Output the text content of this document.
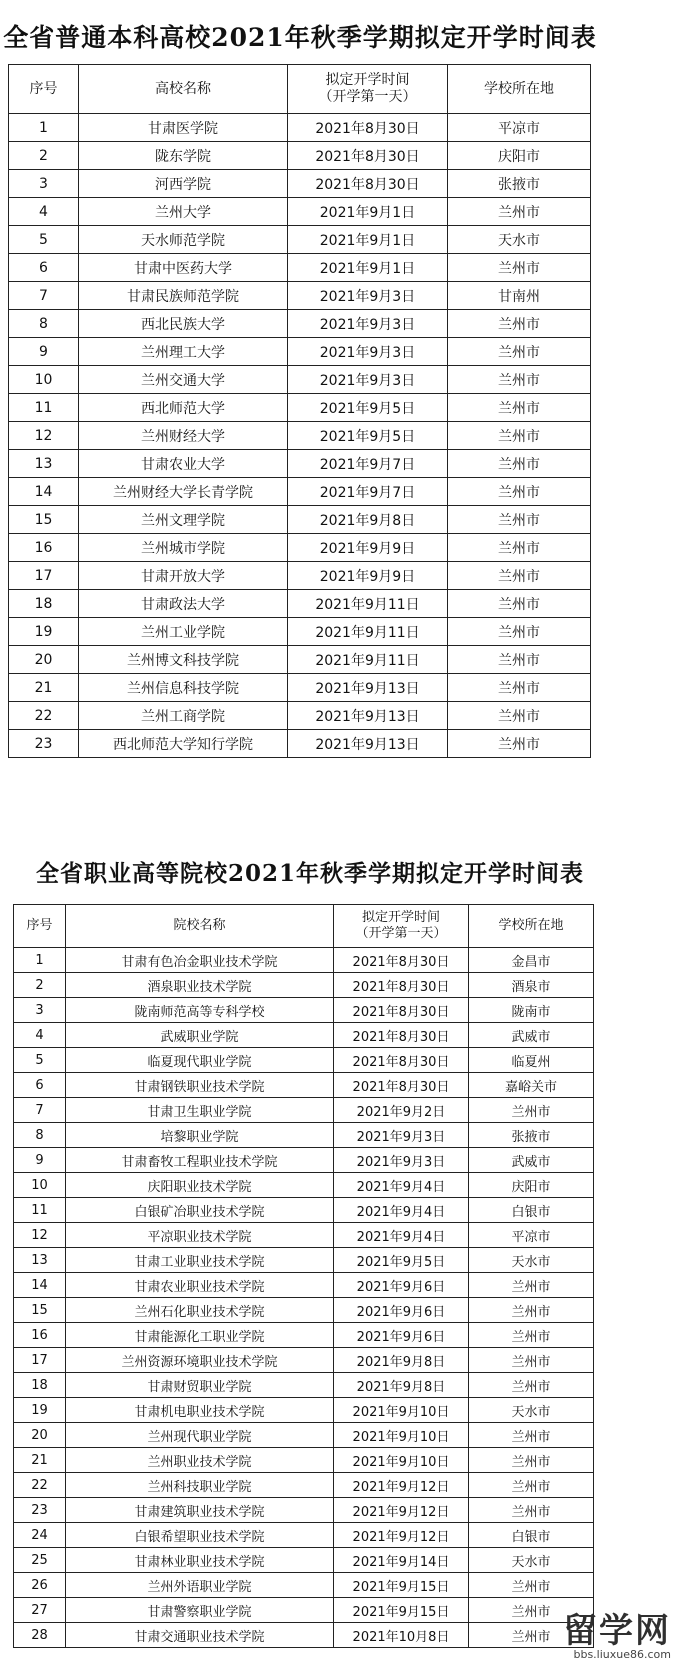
全省普通本科高校2021年秋季学期拟定开学时间表
序号	高校名称	拟定开学时间
（开学第一天）	学校所在地
1	甘肃医学院	2021年8月30日	平凉市
2	陇东学院	2021年8月30日	庆阳市
3	河西学院	2021年8月30日	张掖市
4	兰州大学	2021年9月1日	兰州市
5	天水师范学院	2021年9月1日	天水市
6	甘肃中医药大学	2021年9月1日	兰州市
7	甘肃民族师范学院	2021年9月3日	甘南州
8	西北民族大学	2021年9月3日	兰州市
9	兰州理工大学	2021年9月3日	兰州市
10	兰州交通大学	2021年9月3日	兰州市
11	西北师范大学	2021年9月5日	兰州市
12	兰州财经大学	2021年9月5日	兰州市
13	甘肃农业大学	2021年9月7日	兰州市
14	兰州财经大学长青学院	2021年9月7日	兰州市
15	兰州文理学院	2021年9月8日	兰州市
16	兰州城市学院	2021年9月9日	兰州市
17	甘肃开放大学	2021年9月9日	兰州市
18	甘肃政法大学	2021年9月11日	兰州市
19	兰州工业学院	2021年9月11日	兰州市
20	兰州博文科技学院	2021年9月11日	兰州市
21	兰州信息科技学院	2021年9月13日	兰州市
22	兰州工商学院	2021年9月13日	兰州市
23	西北师范大学知行学院	2021年9月13日	兰州市
全省职业高等院校2021年秋季学期拟定开学时间表
序号	院校名称	拟定开学时间
（开学第一天）	学校所在地
1	甘肃有色冶金职业技术学院	2021年8月30日	金昌市
2	酒泉职业技术学院	2021年8月30日	酒泉市
3	陇南师范高等专科学校	2021年8月30日	陇南市
4	武威职业学院	2021年8月30日	武威市
5	临夏现代职业学院	2021年8月30日	临夏州
6	甘肃钢铁职业技术学院	2021年8月30日	嘉峪关市
7	甘肃卫生职业学院	2021年9月2日	兰州市
8	培黎职业学院	2021年9月3日	张掖市
9	甘肃畜牧工程职业技术学院	2021年9月3日	武威市
10	庆阳职业技术学院	2021年9月4日	庆阳市
11	白银矿冶职业技术学院	2021年9月4日	白银市
12	平凉职业技术学院	2021年9月4日	平凉市
13	甘肃工业职业技术学院	2021年9月5日	天水市
14	甘肃农业职业技术学院	2021年9月6日	兰州市
15	兰州石化职业技术学院	2021年9月6日	兰州市
16	甘肃能源化工职业学院	2021年9月6日	兰州市
17	兰州资源环境职业技术学院	2021年9月8日	兰州市
18	甘肃财贸职业学院	2021年9月8日	兰州市
19	甘肃机电职业技术学院	2021年9月10日	天水市
20	兰州现代职业学院	2021年9月10日	兰州市
21	兰州职业技术学院	2021年9月10日	兰州市
22	兰州科技职业学院	2021年9月12日	兰州市
23	甘肃建筑职业技术学院	2021年9月12日	兰州市
24	白银希望职业技术学院	2021年9月12日	白银市
25	甘肃林业职业技术学院	2021年9月14日	天水市
26	兰州外语职业学院	2021年9月15日	兰州市
27	甘肃警察职业学院	2021年9月15日	兰州市
28	甘肃交通职业技术学院	2021年10月8日	兰州市 留学网
bbs.liuxue86.com
